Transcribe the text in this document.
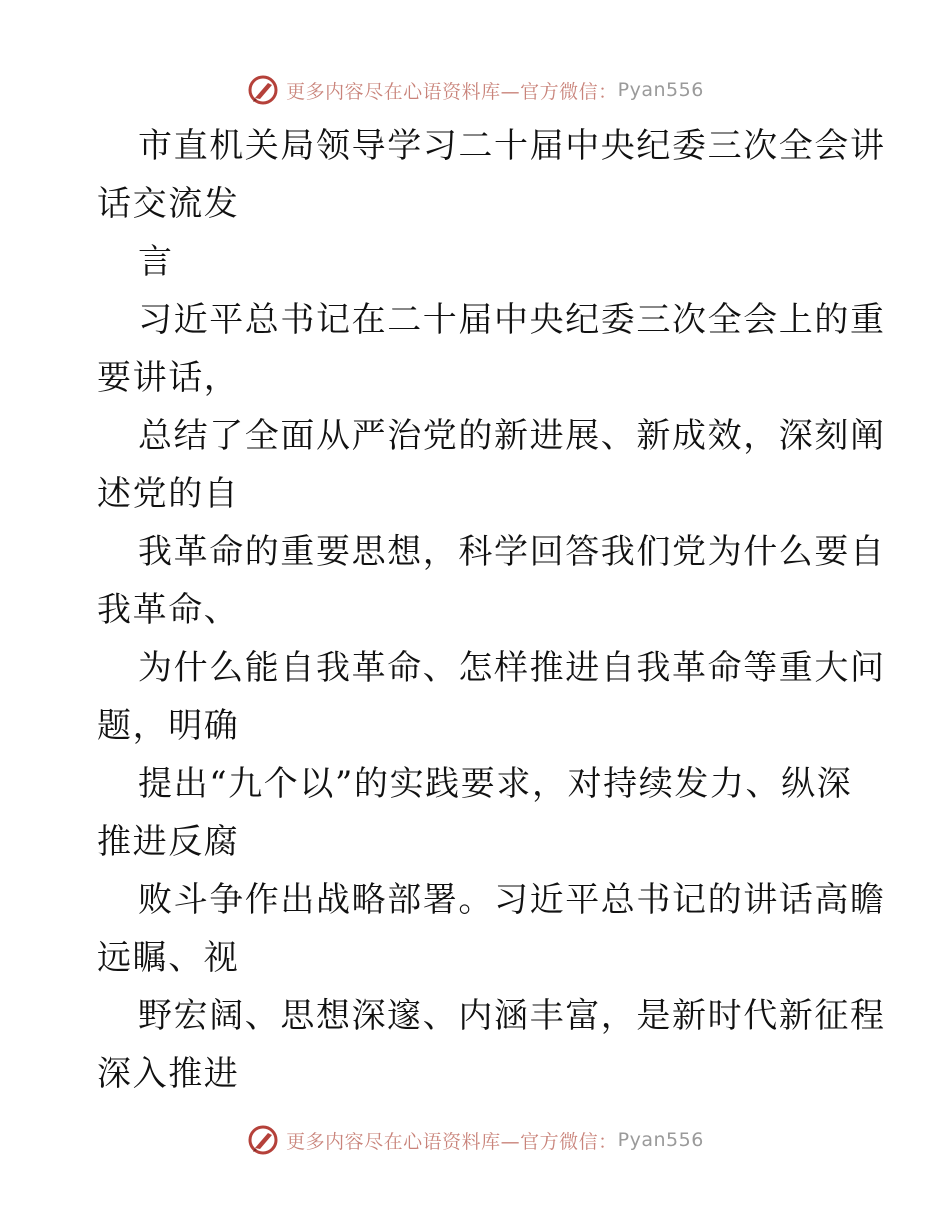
更多内容尽在心语资料库—官方微信： Pyan556
市直机关局领导学习二十届中央纪委三次全会讲
话交流发
言
习近平总书记在二十届中央纪委三次全会上的重
要讲话，
总结了全面从严治党的新进展、新成效，深刻阐
述党的自
我革命的重要思想，科学回答我们党为什么要自
我革命、
为什么能自我革命、怎样推进自我革命等重大问
题，明确
提出“九个以”的实践要求，对持续发力、纵深
推进反腐
败斗争作出战略部署。习近平总书记的讲话高瞻
远瞩、视
野宏阔、思想深邃、内涵丰富，是新时代新征程
深入推进
更多内容尽在心语资料库—官方微信： Pyan556
